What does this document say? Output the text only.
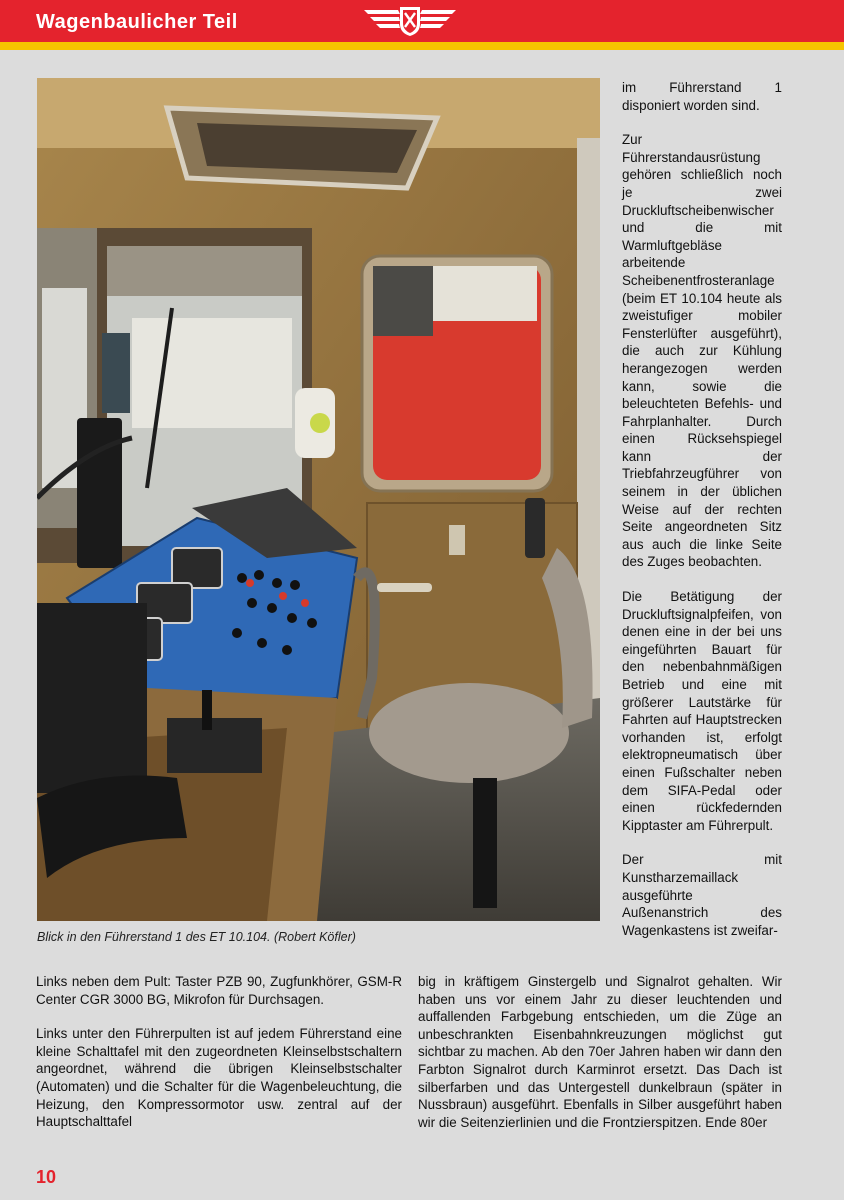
Wagenbaulicher Teil
Blick in den Führerstand 1 des ET 10.104. (Robert Köfler)

im Führerstand 1 disponiert worden sind.

Zur Führerstandausrüstung gehören schließlich noch je zwei Druckluftscheibenwischer und die mit Warmluftgebläse arbeitende Scheibenentfrosteranlage (beim ET 10.104 heute als zweistufiger mobiler Fensterlüfter ausgeführt), die auch zur Kühlung herangezogen werden kann, sowie die beleuchteten Befehls- und Fahrplanhalter. Durch einen Rücksehspiegel kann der Triebfahrzeugführer von seinem in der üblichen Weise auf der rechten Seite angeordneten Sitz aus auch die linke Seite des Zuges beobachten.

Die Betätigung der Druckluftsignalpfeifen, von denen eine in der bei uns eingeführten Bauart für den nebenbahnmäßigen Betrieb und eine mit größerer Lautstärke für Fahrten auf Hauptstrecken vorhanden ist, erfolgt elektropneumatisch über einen Fußschalter neben dem SIFA-Pedal oder einen rückfedernden Kipptaster am Führerpult.

Der mit Kunstharzemaillack ausgeführte Außenanstrich des Wagenkastens ist zweifar-

Links neben dem Pult: Taster PZB 90, Zugfunkhörer, GSM-R Center CGR 3000 BG, Mikrofon für Durchsagen.

Links unter den Führerpulten ist auf jedem Führerstand eine kleine Schalttafel mit den zugeordneten Kleinselbstschaltern angeordnet, während die übrigen Kleinselbstschalter (Automaten) und die Schalter für die Wagenbeleuchtung, die Heizung, den Kompressormotor usw. zentral auf der Hauptschalttafel

big in kräftigem Ginstergelb und Signalrot gehalten. Wir haben uns vor einem Jahr zu dieser leuchtenden und auffallenden Farbgebung entschieden, um die Züge an unbeschrankten Eisenbahnkreuzungen möglichst gut sichtbar zu machen. Ab den 70er Jahren haben wir dann den Farbton Signalrot durch Karminrot ersetzt. Das Dach ist silberfarben und das Untergestell dunkelbraun (später in Nussbraun) ausgeführt. Ebenfalls in Silber ausgeführt haben wir die Seitenzierlinien und die Frontzierspitzen. Ende 80er

10
